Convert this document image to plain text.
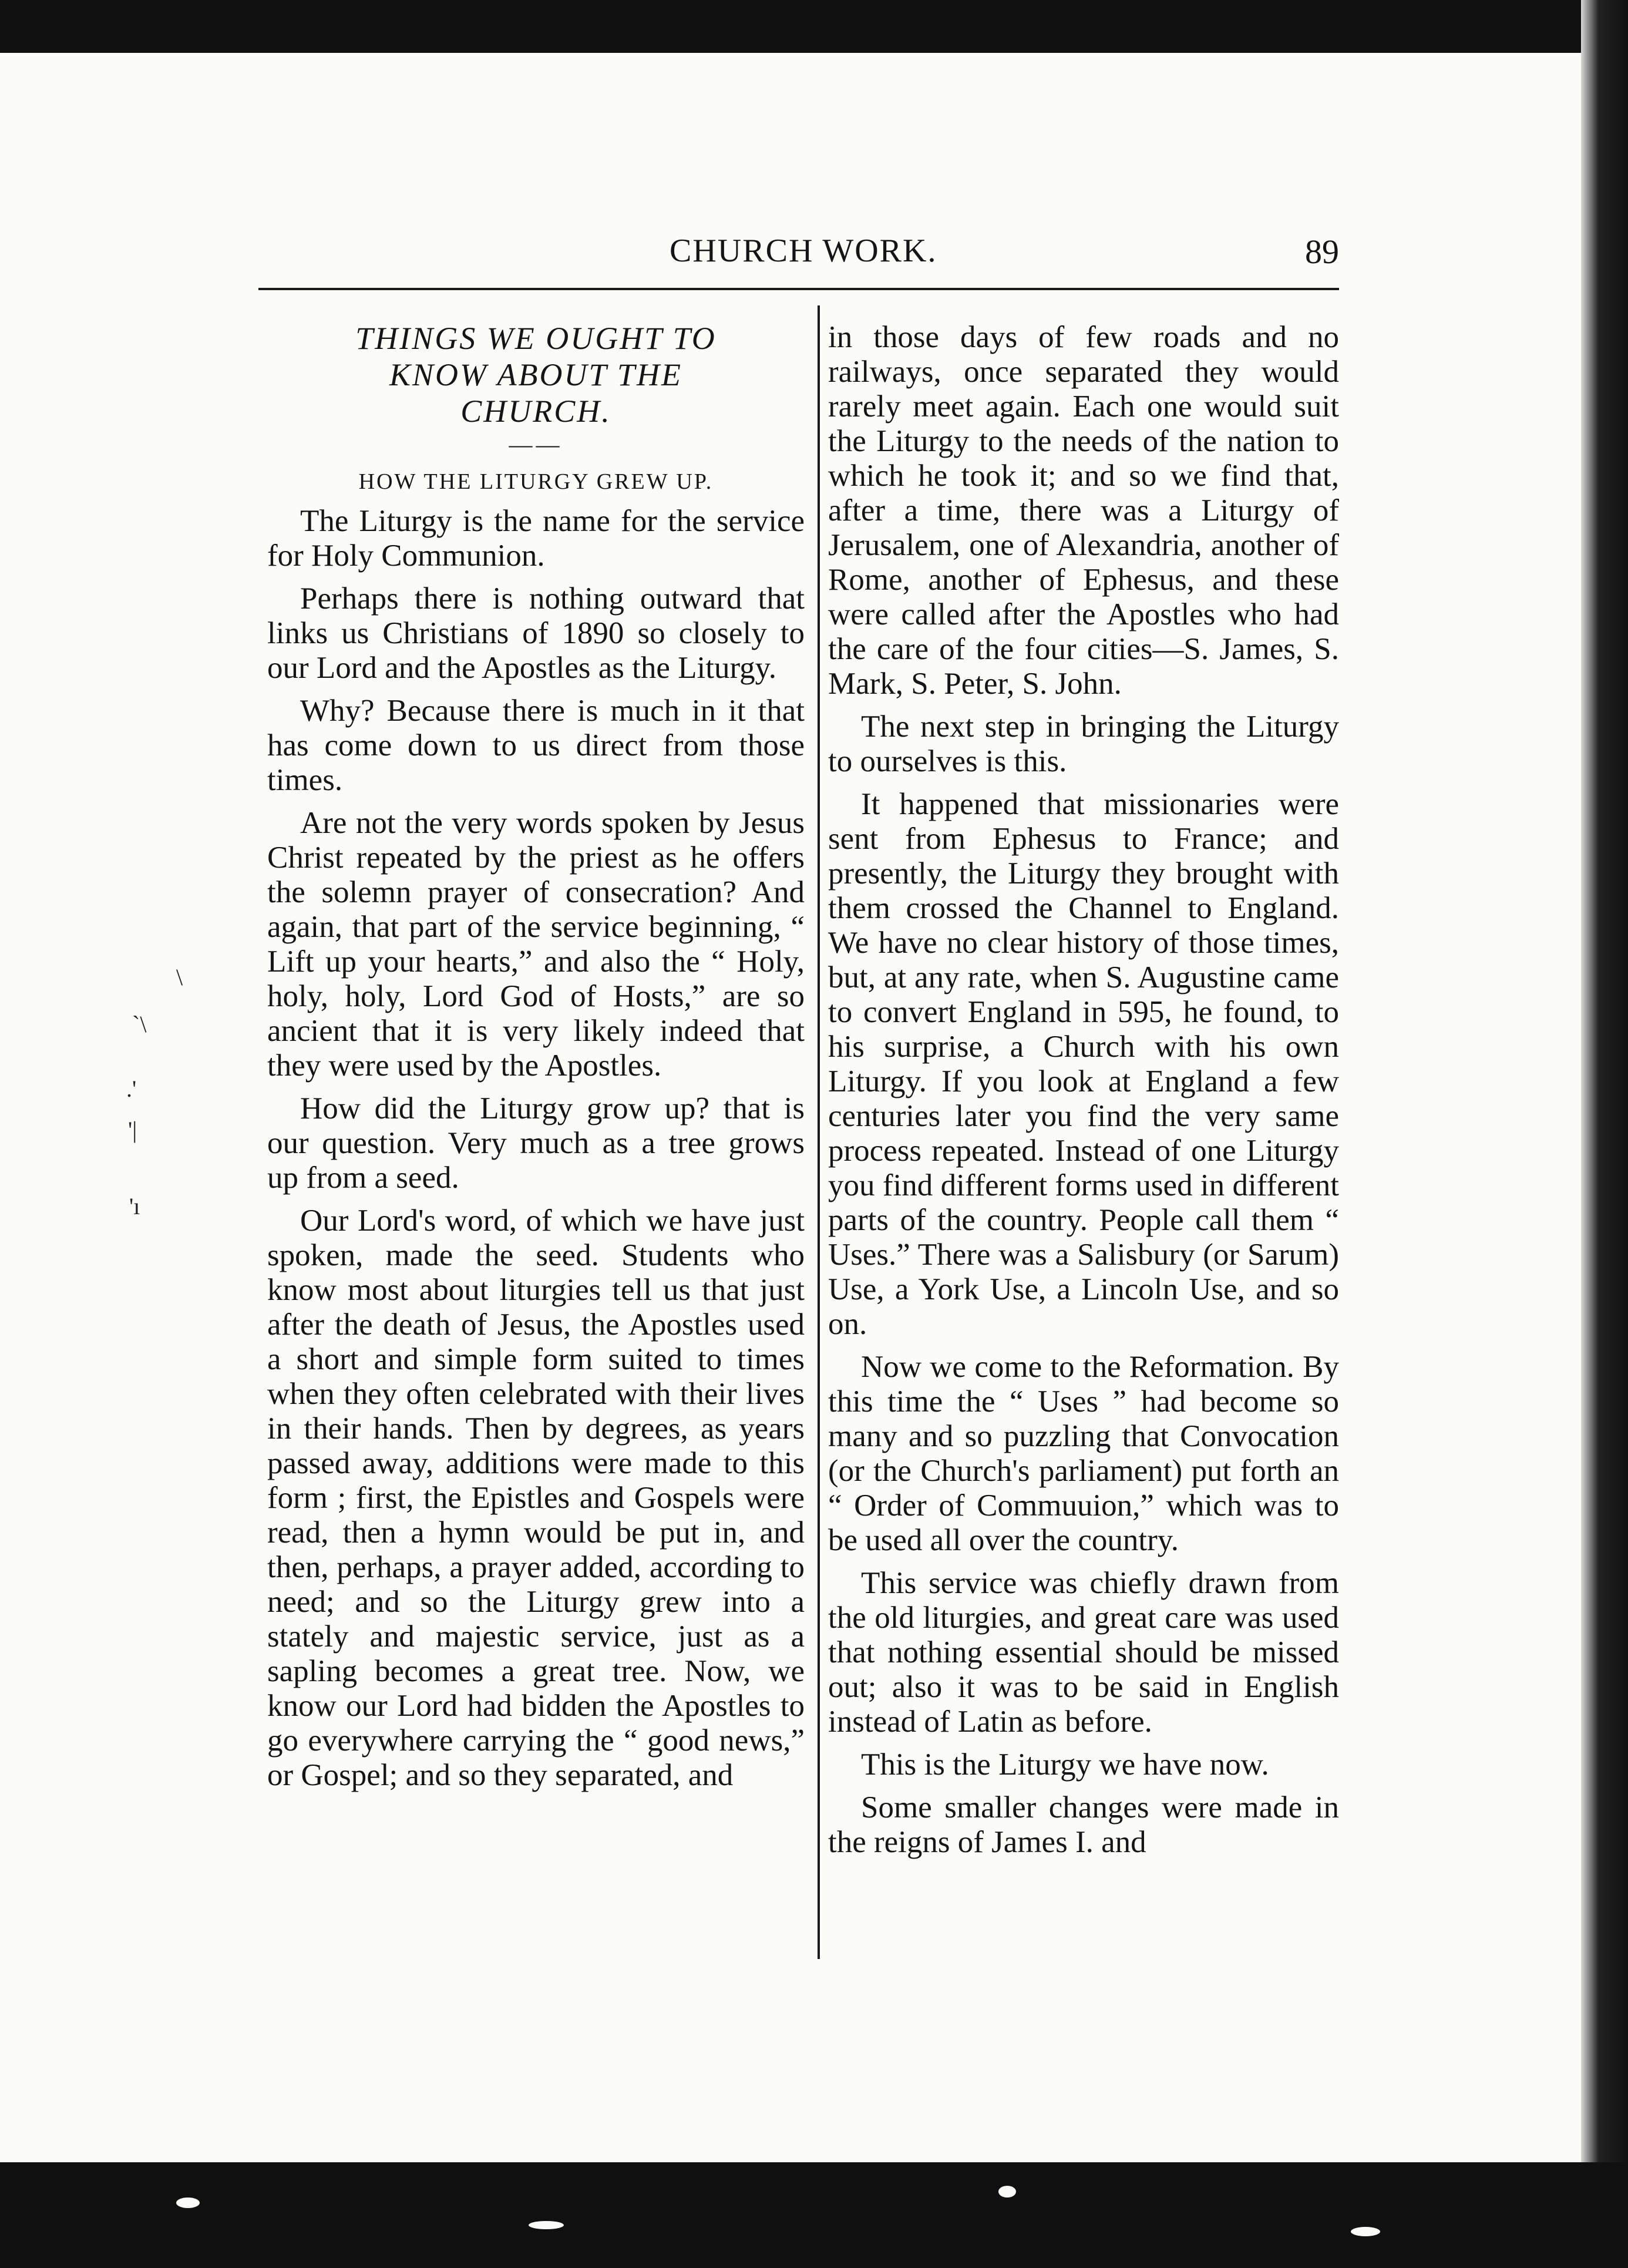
CHURCH WORK.	89
\
`\
.'
'|
'ı
THINGS WE OUGHT TO
KNOW ABOUT THE
CHURCH.
——
HOW THE LITURGY GREW UP.

The Liturgy is the name for the service for Holy Communion.

Perhaps there is nothing outward that links us Christians of 1890 so closely to our Lord and the Apostles as the Liturgy.

Why? Because there is much in it that has come down to us direct from those times.

Are not the very words spoken by Jesus Christ repeated by the priest as he offers the solemn prayer of consecration? And again, that part of the service beginning, “ Lift up your hearts,” and also the “ Holy, holy, holy, Lord God of Hosts,” are so ancient that it is very likely indeed that they were used by the Apostles.

How did the Liturgy grow up? that is our question. Very much as a tree grows up from a seed.

Our Lord's word, of which we have just spoken, made the seed. Students who know most about liturgies tell us that just after the death of Jesus, the Apostles used a short and simple form suited to times when they often celebrated with their lives in their hands. Then by degrees, as years passed away, additions were made to this form ; first, the Epistles and Gospels were read, then a hymn would be put in, and then, perhaps, a prayer added, according to need; and so the Liturgy grew into a stately and majestic service, just as a sapling becomes a great tree. Now, we know our Lord had bidden the Apostles to go everywhere carrying the “ good news,” or Gospel; and so they separated, and

in those days of few roads and no railways, once separated they would rarely meet again. Each one would suit the Liturgy to the needs of the nation to which he took it; and so we find that, after a time, there was a Liturgy of Jerusalem, one of Alexandria, another of Rome, another of Ephesus, and these were called after the Apostles who had the care of the four cities—S. James, S. Mark, S. Peter, S. John.

The next step in bringing the Liturgy to ourselves is this.

It happened that missionaries were sent from Ephesus to France; and presently, the Liturgy they brought with them crossed the Channel to England. We have no clear history of those times, but, at any rate, when S. Augustine came to convert England in 595, he found, to his surprise, a Church with his own Liturgy. If you look at England a few centuries later you find the very same process repeated. Instead of one Liturgy you find different forms used in different parts of the country. People call them “ Uses.” There was a Salisbury (or Sarum) Use, a York Use, a Lincoln Use, and so on.

Now we come to the Reformation. By this time the “ Uses ” had become so many and so puzzling that Convocation (or the Church's parliament) put forth an “ Order of Commuuion,” which was to be used all over the country.

This service was chiefly drawn from the old liturgies, and great care was used that nothing essential should be missed out; also it was to be said in English instead of Latin as before.

This is the Liturgy we have now.

Some smaller changes were made in the reigns of James I. and
